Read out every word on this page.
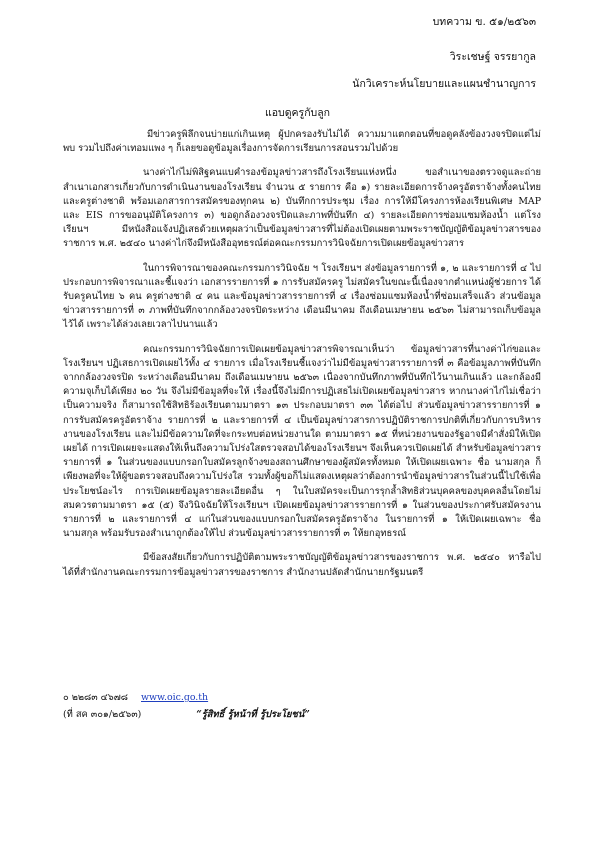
บทความ ข. ๕๑/๒๕๖๓
วิระเชษฐ์ จรรยากูล
นักวิเคราะห์นโยบายและแผนชำนาญการ
แอบดูครูกับลูก

มีข่าวครูพิลึกจนบ่ายแก่เกินเหตุ ผู้ปกครองรับไม่ได้ ความมาแตกตอนที่ขอดูคลังข้องวงจรปิดแต่ไม่พบ รวมไปถึงค่าเทอมแพง ๆ ก็เลยขอดูข้อมูลเรื่องการจัดการเรียนการสอนรวมไปด้วย

นางค่าไก่ไม่พิสิฐคนแบคำรองข้อมูลข่าวสารถึงโรงเรียนแห่งหนึ่ง ขอสำเนาของตรวจดูและถ่ายสำเนาเอกสารเกี่ยวกับการดำเนินงานของโรงเรียน จำนวน ๕ รายการ คือ ๑) รายละเอียดการจ้างครูอัตราจ้างทั้งคนไทยและครูต่างชาติ พร้อมเอกสารการสมัครของทุกคน ๒) บันทึกการประชุม เรื่อง การให้มีโครงการห้องเรียนพิเศษ MAP และ EIS การขออนุมัติโครงการ ๓) ขอดูกล้องวงจรปิดและภาพที่บันทึก ๔) รายละเอียดการซ่อมแซมห้องน้ำ แต่โรงเรียนฯ มีหนังสือแจ้งปฏิเสธด้วยเหตุผลว่าเป็นข้อมูลข่าวสารที่ไม่ต้องเปิดเผยตามพระราชบัญญัติข้อมูลข่าวสารของราชการ พ.ศ. ๒๕๔๐ นางค่าไก่จึงมีหนังสืออุทธรณ์ต่อคณะกรรมการวินิจฉัยการเปิดเผยข้อมูลข่าวสาร

ในการพิจารณาของคณะกรรมการวินิจฉัย ฯ โรงเรียนฯ ส่งข้อมูลรายการที่ ๑, ๒ และรายการที่ ๔ ไปประกอบการพิจารณาและชี้แจงว่า เอกสารรายการที่ ๑ การรับสมัครครู ไม่สมัครในขณะนี้เนื่องจากตำแหน่งผู้ช่วยการ ได้รับครูคนไทย ๖ คน ครูต่างชาติ ๔ คน และข้อมูลข่าวสารรายการที่ ๔ เรื่องซ่อมแซมห้องน้ำที่ซ่อมเสร็จแล้ว ส่วนข้อมูลข่าวสารรายการที่ ๓ ภาพที่บันทึกจากกล้องวงจรปิดระหว่าง เดือนมีนาคม ถึงเดือนเมษายน ๒๕๖๓ ไม่สามารถเก็บข้อมูลไว้ได้ เพราะได้ล่วงเลยเวลาไปนานแล้ว

คณะกรรมการวินิจฉัยการเปิดเผยข้อมูลข่าวสารพิจารณาเห็นว่า ข้อมูลข่าวสารที่นางค่าไก่ขอและโรงเรียนฯ ปฏิเสธการเปิดเผยไว้ทั้ง ๔ รายการ เมื่อโรงเรียนชี้แจงว่าไม่มีข้อมูลข่าวสารรายการที่ ๓ คือข้อมูลภาพที่บันทึกจากกล้องวงจรปิด ระหว่างเดือนมีนาคม ถึงเดือนเมษายน ๒๕๖๓ เนื่องจากบันทึกภาพที่บันทึกไว้นานเกินแล้ว และกล้องมีความจุเก็บได้เพียง ๒๐ วัน จึงไม่มีข้อมูลที่จะให้ เรื่องนี้จึงไม่มีการปฏิเสธไม่เปิดเผยข้อมูลข่าวสาร หากนางค่าไก่ไม่เชื่อว่าเป็นความจริง ก็สามารถใช้สิทธิร้องเรียนตามมาตรา ๑๓ ประกอบมาตรา ๓๓ ได้ต่อไป ส่วนข้อมูลข่าวสารรายการที่ ๑ การรับสมัครครูอัตราจ้าง รายการที่ ๒ และรายการที่ ๔ เป็นข้อมูลข่าวสารการปฏิบัติราชการปกติที่เกี่ยวกับการบริหารงานของโรงเรียน และไม่มีข้อความใดที่จะกระทบต่อหน่วยงานใด ตามมาตรา ๑๕ ที่หน่วยงานของรัฐอาจมีคำสั่งมิให้เปิดเผยได้ การเปิดเผยจะแสดงให้เห็นถึงความโปร่งใสตรวจสอบได้ของโรงเรียนฯ จึงเห็นควรเปิดเผยได้ สำหรับข้อมูลข่าวสารรายการที่ ๑ ในส่วนของแบบกรอกใบสมัครลูกจ้างของสถานศึกษาของผู้สมัครทั้งหมด ให้เปิดเผยเฉพาะ ชื่อ นามสกุล ก็เพียงพอที่จะให้ผู้ขอตรวจสอบถึงความโปร่งใส รวมทั้งผู้ขอก็ไม่แสดงเหตุผลว่าต้องการนำข้อมูลข่าวสารในส่วนนี้ไปใช้เพื่อประโยชน์อะไร การเปิดเผยข้อมูลรายละเอียดอื่น ๆ ในใบสมัครจะเป็นการรุกล้ำสิทธิส่วนบุคคลของบุคคลอื่นโดยไม่สมควรตามมาตรา ๑๕ (๕) จึงวินิจฉัยให้โรงเรียนฯ เปิดเผยข้อมูลข่าวสารรายการที่ ๑ ในส่วนของประกาศรับสมัครงานรายการที่ ๒ และรายการที่ ๔ แก่ในส่วนของแบบกรอกใบสมัครครูอัตราจ้าง ในรายการที่ ๑ ให้เปิดเผยเฉพาะ ชื่อ นามสกุล พร้อมรับรองสำเนาถูกต้องให้ไป ส่วนข้อมูลข่าวสารรายการที่ ๓ ให้ยกอุทธรณ์

มีข้อสงสัยเกี่ยวกับการปฏิบัติตามพระราชบัญญัติข้อมูลข่าวสารของราชการ พ.ศ. ๒๕๔๐ หารือไปได้ที่สำนักงานคณะกรรมการข้อมูลข่าวสารของราชการ สำนักงานปลัดสำนักนายกรัฐมนตรี

๐ ๒๒๘๓ ๔๖๗๘ www.oic.go.th
(ที่ สค ๓๐๑/๒๕๖๓)	“รู้สิทธิ์ รู้หน้าที่ รู้ประโยชน์”
